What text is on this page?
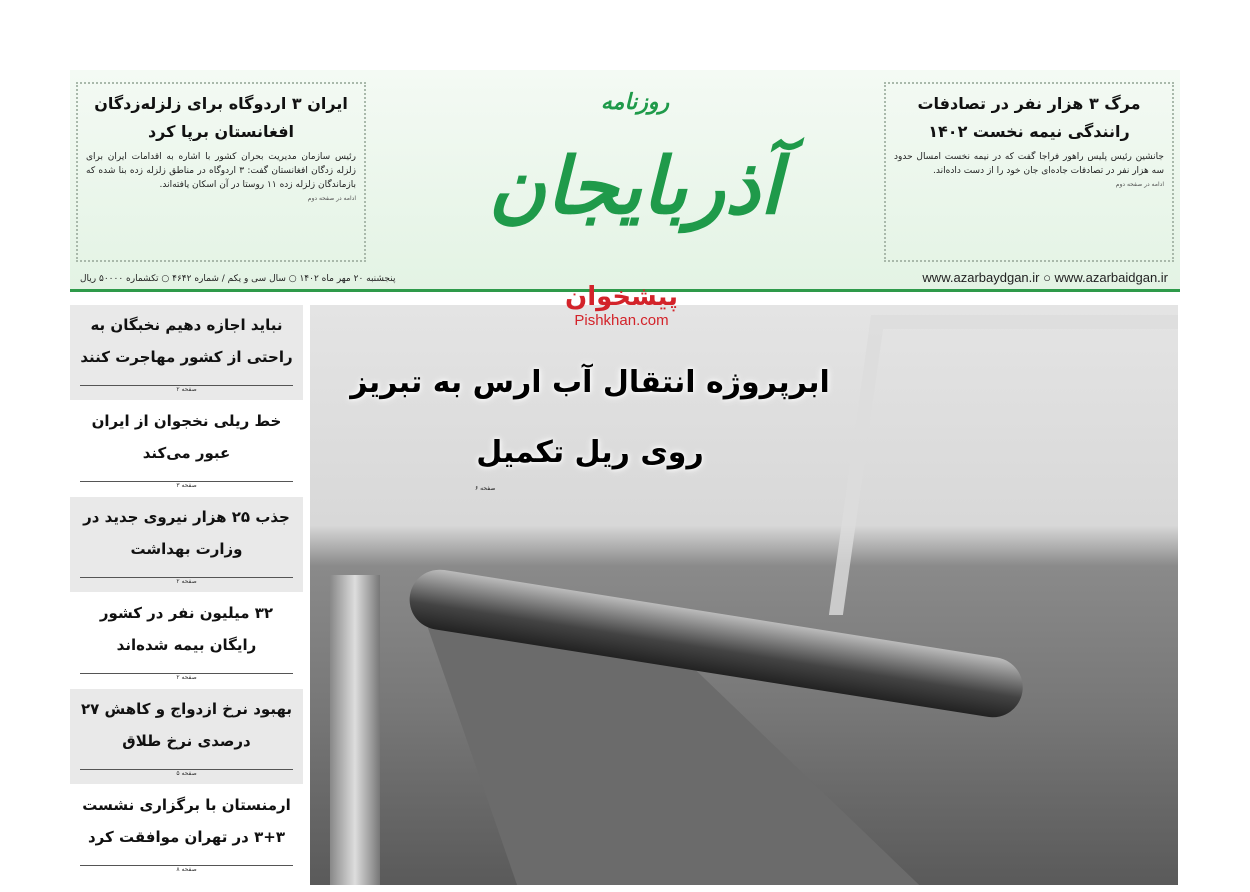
ایران ۳ اردوگاه برای زلزله‌زدگان افغانستان برپا کرد

رئیس سازمان مدیریت بحران کشور با اشاره به اقدامات ایران برای زلزله زدگان افغانستان گفت: ۳ اردوگاه در مناطق زلزله زده بنا شده که بازماندگان زلزله زده ۱۱ روستا در آن اسکان یافته‌اند.

ادامه در صفحه دوم
روزنامه
آذربایجان
مرگ ۳ هزار نفر در تصادفات رانندگی نیمه نخست ۱۴۰۲

جانشین رئیس پلیس راهور فراجا گفت که در نیمه نخست امسال حدود سه هزار نفر در تصادفات جاده‌ای جان خود را از دست داده‌اند.

ادامه در صفحه دوم
پنجشنبه ۲۰ مهر ماه ۱۴۰۲ ○ سال سی و یکم / شماره ۴۶۴۲ ○ تکشماره ۵۰۰۰۰ ریال	www.azarbaydgan.ir ○ www.azarbaidgan.ir
پیشخوان
Pishkhan.com
نباید اجازه دهیم نخبگان به راحتی از کشور مهاجرت کنند
صفحه ۲
خط ریلی نخجوان از ایران عبور می‌کند
صفحه ۳
جذب ۲۵ هزار نیروی جدید در وزارت بهداشت
صفحه ۲
۳۲ میلیون نفر در کشور رایگان بیمه شده‌اند
صفحه ۲
بهبود نرخ ازدواج و کاهش ۲۷ درصدی نرخ طلاق
صفحه ۵
ارمنستان با برگزاری نشست ۳+۳ در تهران موافقت کرد
صفحه ۸
ابرپروژه انتقال آب ارس به تبریز
روی ریل تکمیل
صفحه ۶
